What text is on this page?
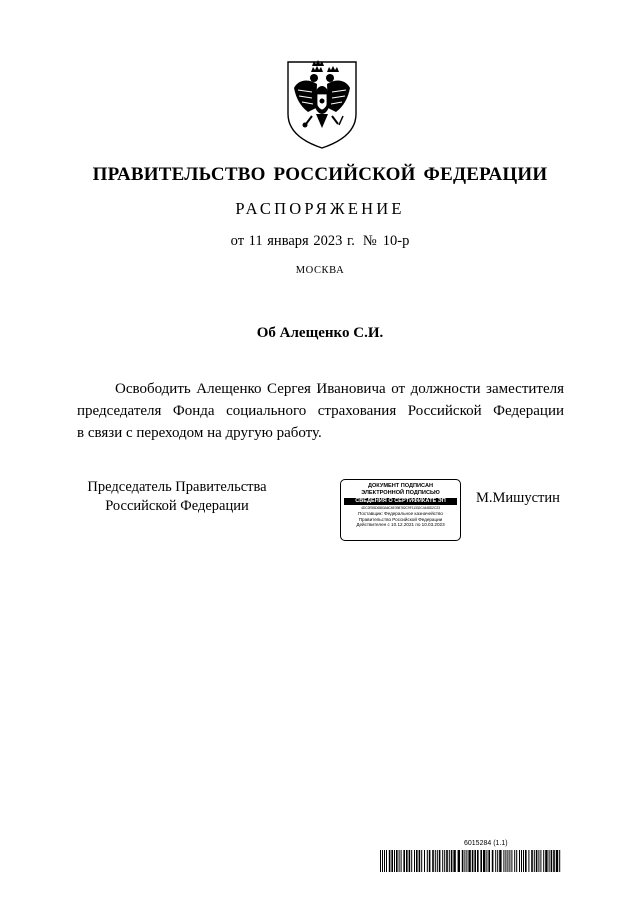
ПРАВИТЕЛЬСТВО РОССИЙСКОЙ ФЕДЕРАЦИИ
РАСПОРЯЖЕНИЕ
от 11 января 2023 г. № 10-р
МОСКВА
Об Алещенко С.И.
Освободить Алещенко Сергея Ивановича от должности заместителя
председателя Фонда социального страхования Российской Федерации
в связи с переходом на другую работу.
Председатель Правительства
Российской Федерации
ДОКУМЕНТ ПОДПИСАН
ЭЛЕКТРОННОЙ ПОДПИСЬЮ
СВЕДЕНИЯ О СЕРТИФИКАТЕ ЭП
4DC2E55D6583A6C6E398782C9F11332C4448D2C23
Поставщик: Федеральное казначейство
Правительство Российской Федерации
Действителен с 10.12.2021 по 10.03.2023
М.Мишустин
6015284 (1.1)
